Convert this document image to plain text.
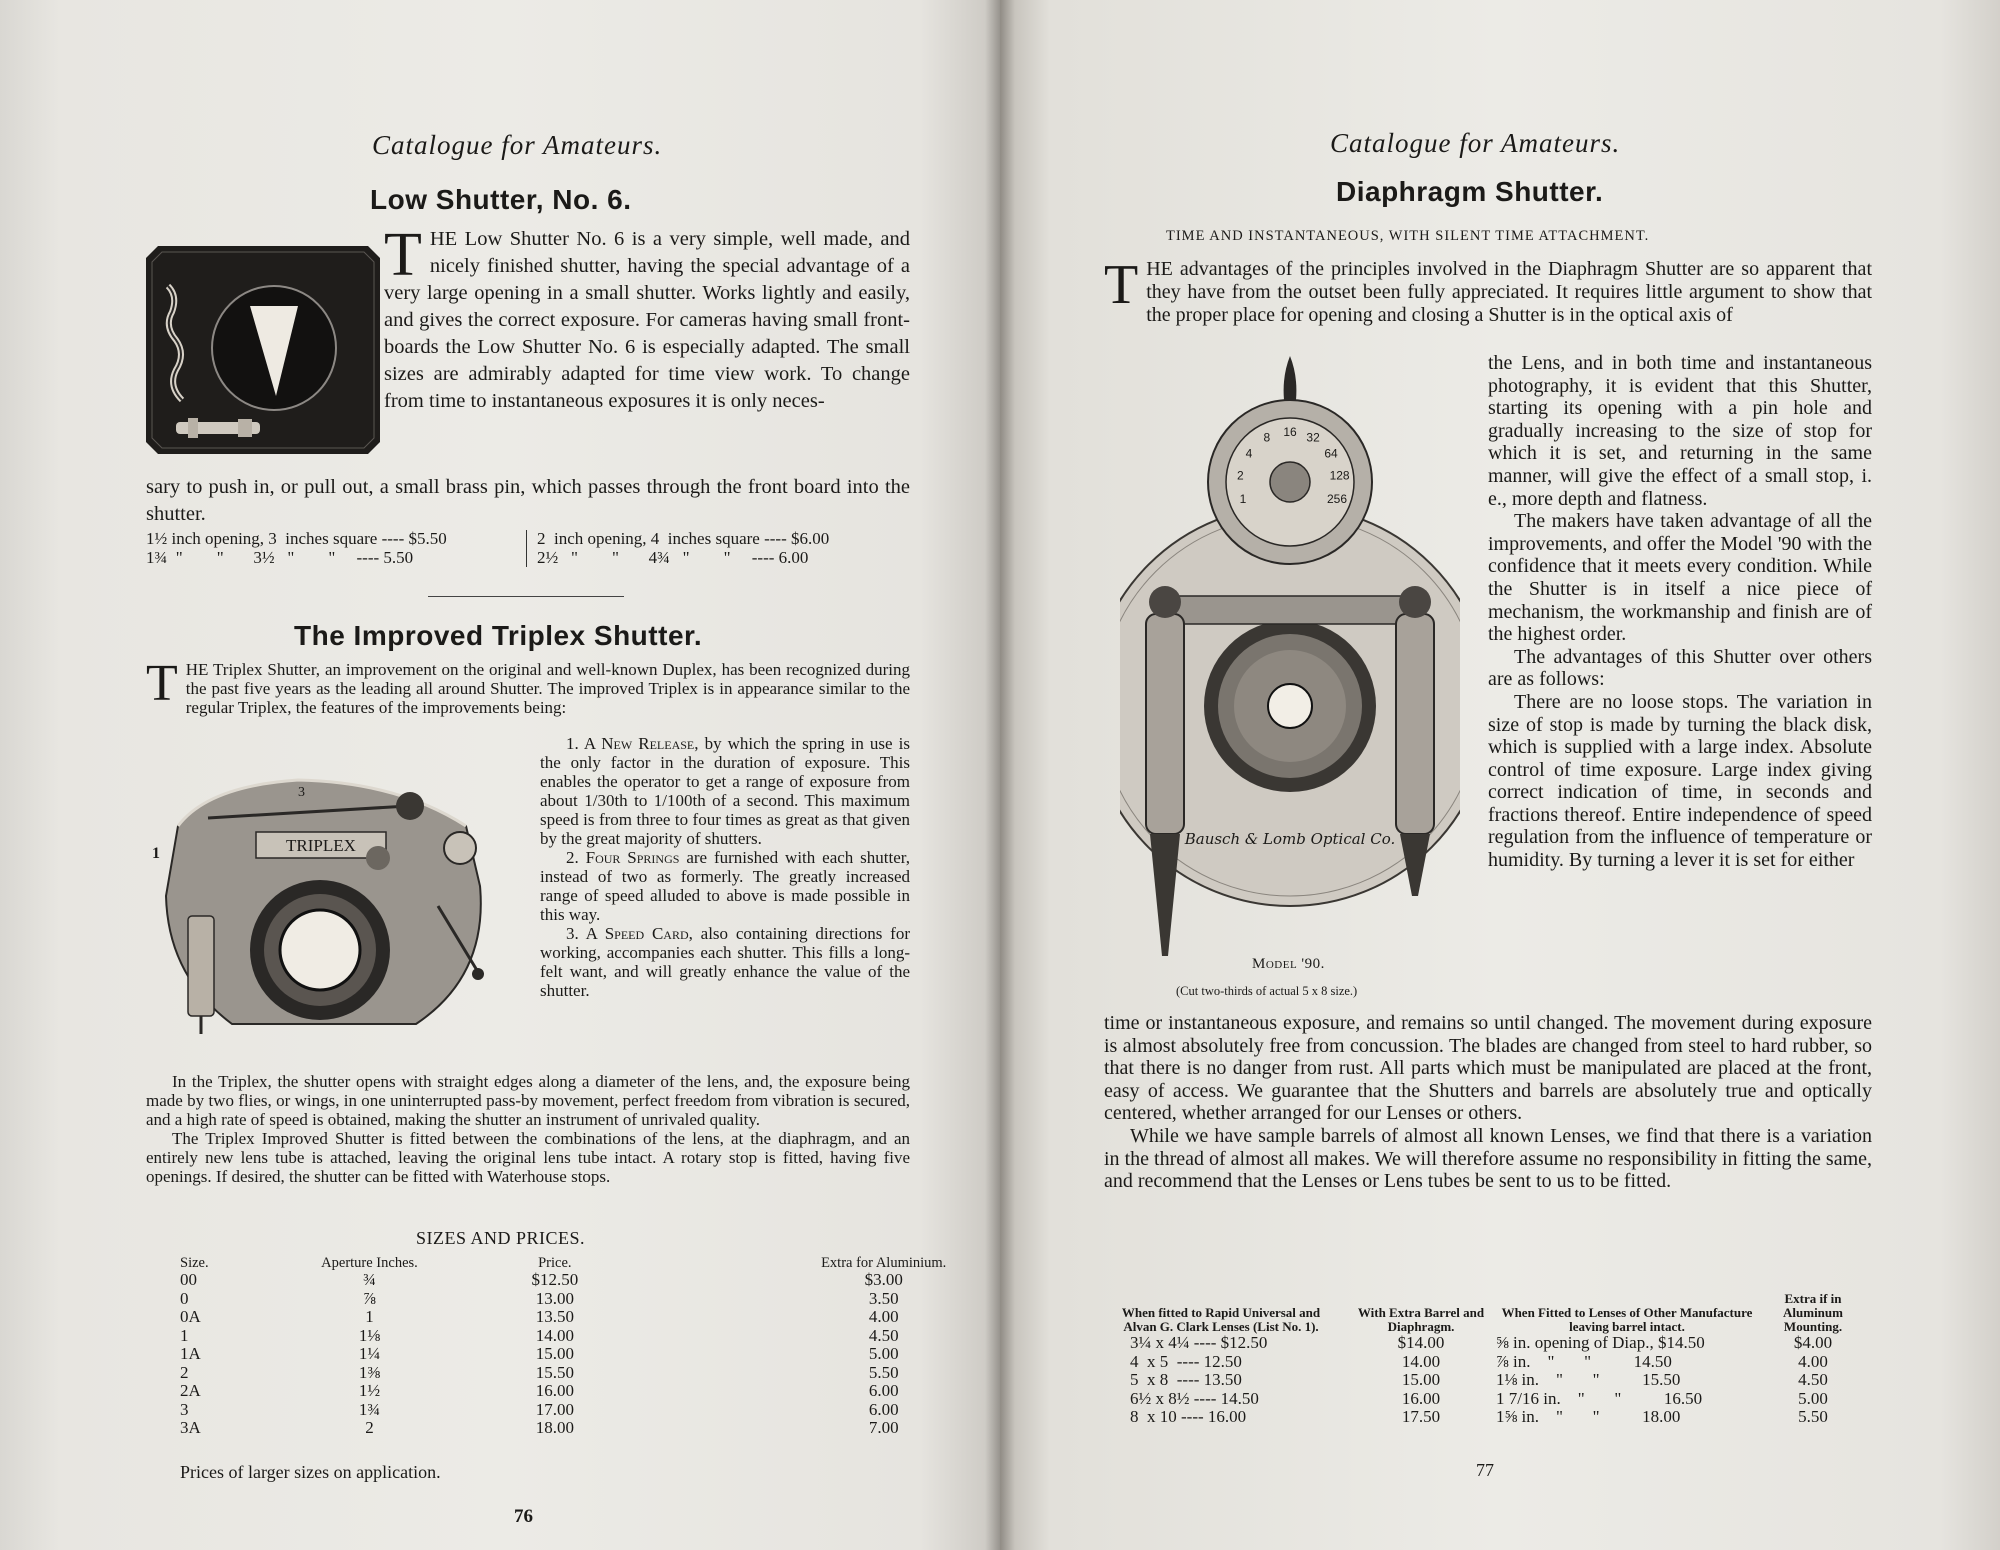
Catalogue for Amateurs.
Low Shutter, No. 6.
THE Low Shutter No. 6 is a very simple, well made, and nicely finished shutter, having the special advantage of a very large opening in a small shutter. Works lightly and easily, and gives the correct exposure. For cameras having small front-boards the Low Shutter No. 6 is especially adapted. The small sizes are admirably adapted for time view work. To change from time to instantaneous exposures it is only neces-
sary to push in, or pull out, a small brass pin, which passes through the front board into the shutter.
1½ inch opening, 3  inches square ---- $5.50		2  inch opening, 4  inches square ---- $6.00
1¾  "        "       3½   "        "     ---- 5.50		2½   "        "       4¾   "        "     ---- 6.00
The Improved Triplex Shutter.
THE Triplex Shutter, an improvement on the original and well-known Duplex, has been recognized during the past five years as the leading all around Shutter. The improved Triplex is in appearance similar to the regular Triplex, the features of the improvements being:
TRIPLEX
1
3

1. A New Release, by which the spring in use is the only factor in the duration of exposure. This enables the operator to get a range of exposure from about 1/30th to 1/100th of a second. This maximum speed is from three to four times as great as that given by the great majority of shutters.

2. Four Springs are furnished with each shutter, instead of two as formerly. The greatly increased range of speed alluded to above is made possible in this way.

3. A Speed Card, also containing directions for working, accompanies each shutter. This fills a long-felt want, and will greatly enhance the value of the shutter.

In the Triplex, the shutter opens with straight edges along a diameter of the lens, and, the exposure being made by two flies, or wings, in one uninterrupted pass-by movement, perfect freedom from vibration is secured, and a high rate of speed is obtained, making the shutter an instrument of unrivaled quality.

The Triplex Improved Shutter is fitted between the combinations of the lens, at the diaphragm, and an entirely new lens tube is attached, leaving the original lens tube intact. A rotary stop is fitted, having five openings. If desired, the shutter can be fitted with Waterhouse stops.

SIZES AND PRICES.
Size.	Aperture Inches.	Price.	Extra for Aluminium.
00	¾	$12.50	$3.00
0	⅞	13.00	3.50
0A	1	13.50	4.00
1	1⅛	14.00	4.50
1A	1¼	15.00	5.00
2	1⅜	15.50	5.50
2A	1½	16.00	6.00
3	1¾	17.00	6.00
3A	2	18.00	7.00
Prices of larger sizes on application.
76
Catalogue for Amateurs.
Diaphragm Shutter.
TIME AND INSTANTANEOUS, WITH SILENT TIME ATTACHMENT.
THE advantages of the principles involved in the Diaphragm Shutter are so apparent that they have from the outset been fully appreciated. It requires little argument to show that the proper place for opening and closing a Shutter is in the optical axis of
1
2
4
8 16 32
64
128
256
Bausch & Lomb Optical Co.

the Lens, and in both time and instantaneous photography, it is evident that this Shutter, starting its opening with a pin hole and gradually increasing to the size of stop for which it is set, and returning in the same manner, will give the effect of a small stop, i. e., more depth and flatness.

The makers have taken advantage of all the improvements, and offer the Model '90 with the confidence that it meets every condition. While the Shutter is in itself a nice piece of mechanism, the workmanship and finish are of the highest order.

The advantages of this Shutter over others are as follows:

There are no loose stops. The variation in size of stop is made by turning the black disk, which is supplied with a large index. Absolute control of time exposure. Large index giving correct indication of time, in seconds and fractions thereof. Entire independence of speed regulation from the influence of temperature or humidity. By turning a lever it is set for either

Model '90.
(Cut two-thirds of actual 5 x 8 size.)

time or instantaneous exposure, and remains so until changed. The movement during exposure is almost absolutely free from concussion. The blades are changed from steel to hard rubber, so that there is no danger from rust. All parts which must be manipulated are placed at the front, easy of access. We guarantee that the Shutters and barrels are absolutely true and optically centered, whether arranged for our Lenses or others.

While we have sample barrels of almost all known Lenses, we find that there is a variation in the thread of almost all makes. We will therefore assume no responsibility in fitting the same, and recommend that the Lenses or Lens tubes be sent to us to be fitted.

When fitted to Rapid Universal and Alvan G. Clark Lenses (List No. 1).	With Extra Barrel and Diaphragm.	When Fitted to Lenses of Other Manufacture leaving barrel intact.	Extra if in Aluminum Mounting.
3¼ x 4¼ ---- $12.50	$14.00	⅝ in. opening of Diap., $14.50	$4.00
4  x 5  ---- 12.50	14.00	⅞ in.    "       "          14.50	4.00
5  x 8  ---- 13.50	15.00	1⅛ in.    "       "          15.50	4.50
6½ x 8½ ---- 14.50	16.00	1 7/16 in.    "       "          16.50	5.00
8  x 10 ---- 16.00	17.50	1⅝ in.    "       "          18.00	5.50
77
